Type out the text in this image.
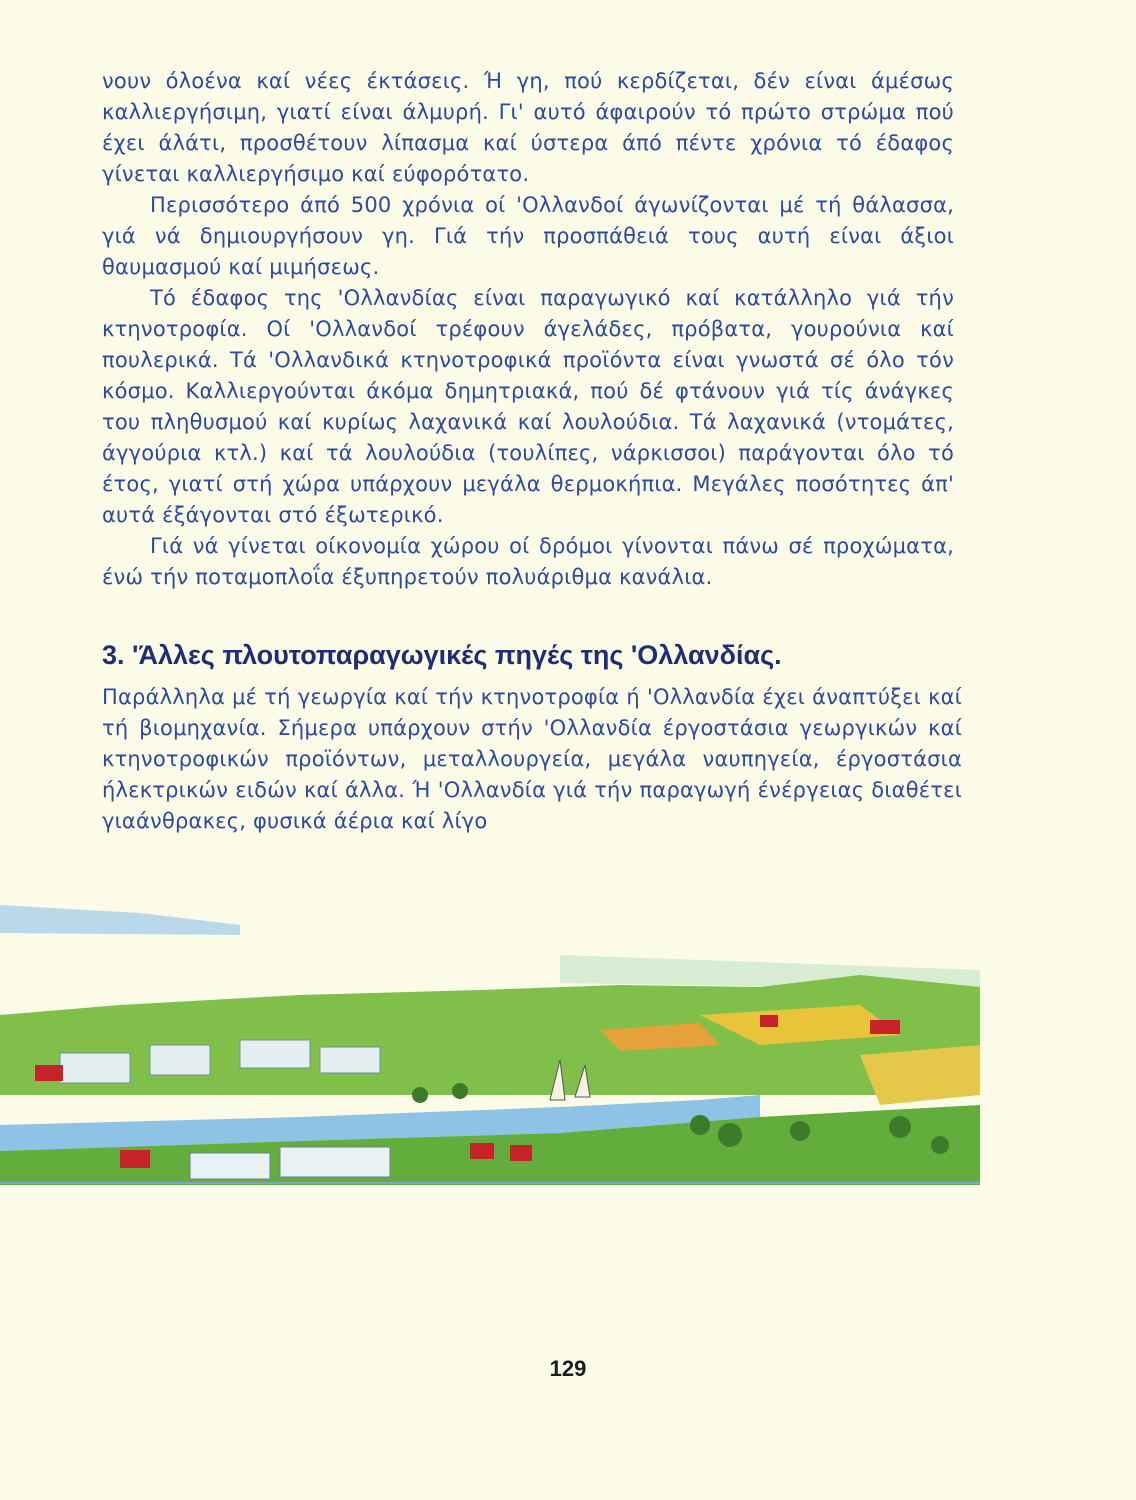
νουν όλοένα καί νέες έκτάσεις. Ή γη, πού κερδίζεται, δέν είναι άμέσως καλλιεργήσιμη, γιατί είναι άλμυρή. Γι' αυτό άφαιρούν τό πρώτο στρώμα πού έχει άλάτι, προσθέτουν λίπασμα καί ύστερα άπό πέντε χρόνια τό έδαφος γίνεται καλλιεργήσιμο καί εύφορότατο.

Περισσότερο άπό 500 χρόνια οί 'Ολλανδοί άγωνίζονται μέ τή θάλασσα, γιά νά δημιουργήσουν γη. Γιά τήν προσπάθειά τους αυτή είναι άξιοι θαυμασμού καί μιμήσεως.

Τό έδαφος της 'Ολλανδίας είναι παραγωγικό καί κατάλληλο γιά τήν κτηνοτροφία. Οί 'Ολλανδοί τρέφουν άγελάδες, πρόβατα, γουρούνια καί πουλερικά. Τά 'Ολλανδικά κτηνοτροφικά προϊόντα είναι γνωστά σέ όλο τόν κόσμο. Καλλιεργούνται άκόμα δημητριακά, πού δέ φτάνουν γιά τίς άνάγκες του πληθυσμού καί κυρίως λαχανικά καί λουλούδια. Τά λαχανικά (ντομάτες, άγγούρια κτλ.) καί τά λουλούδια (τουλίπες, νάρκισσοι) παράγονται όλο τό έτος, γιατί στή χώρα υπάρχουν μεγάλα θερμοκήπια. Μεγάλες ποσότητες άπ' αυτά έξάγονται στό έξωτερικό.

Γιά νά γίνεται οίκονομία χώρου οί δρόμοι γίνονται πάνω σέ προχώματα, ένώ τήν ποταμοπλοΐα έξυπηρετούν πολυάριθμα κανάλια.

3. 'Άλλες πλουτοπαραγωγικές πηγές της 'Ολλανδίας.

Παράλληλα μέ τή γεωργία καί τήν κτηνοτροφία ή 'Ολλανδία έχει άναπτύξει καί τή βιομηχανία. Σήμερα υπάρχουν στήν 'Ολλανδία έργοστάσια γεωργικών καί κτηνοτροφικών προϊόντων, μεταλλουργεία, μεγάλα ναυπηγεία, έργοστάσια ήλεκτρικών ειδών καί άλλα. Ή 'Ολλανδία γιά τήν παραγωγή ένέργειας διαθέτει γιαάνθρακες, φυσικά άέρια καί λίγο

129
